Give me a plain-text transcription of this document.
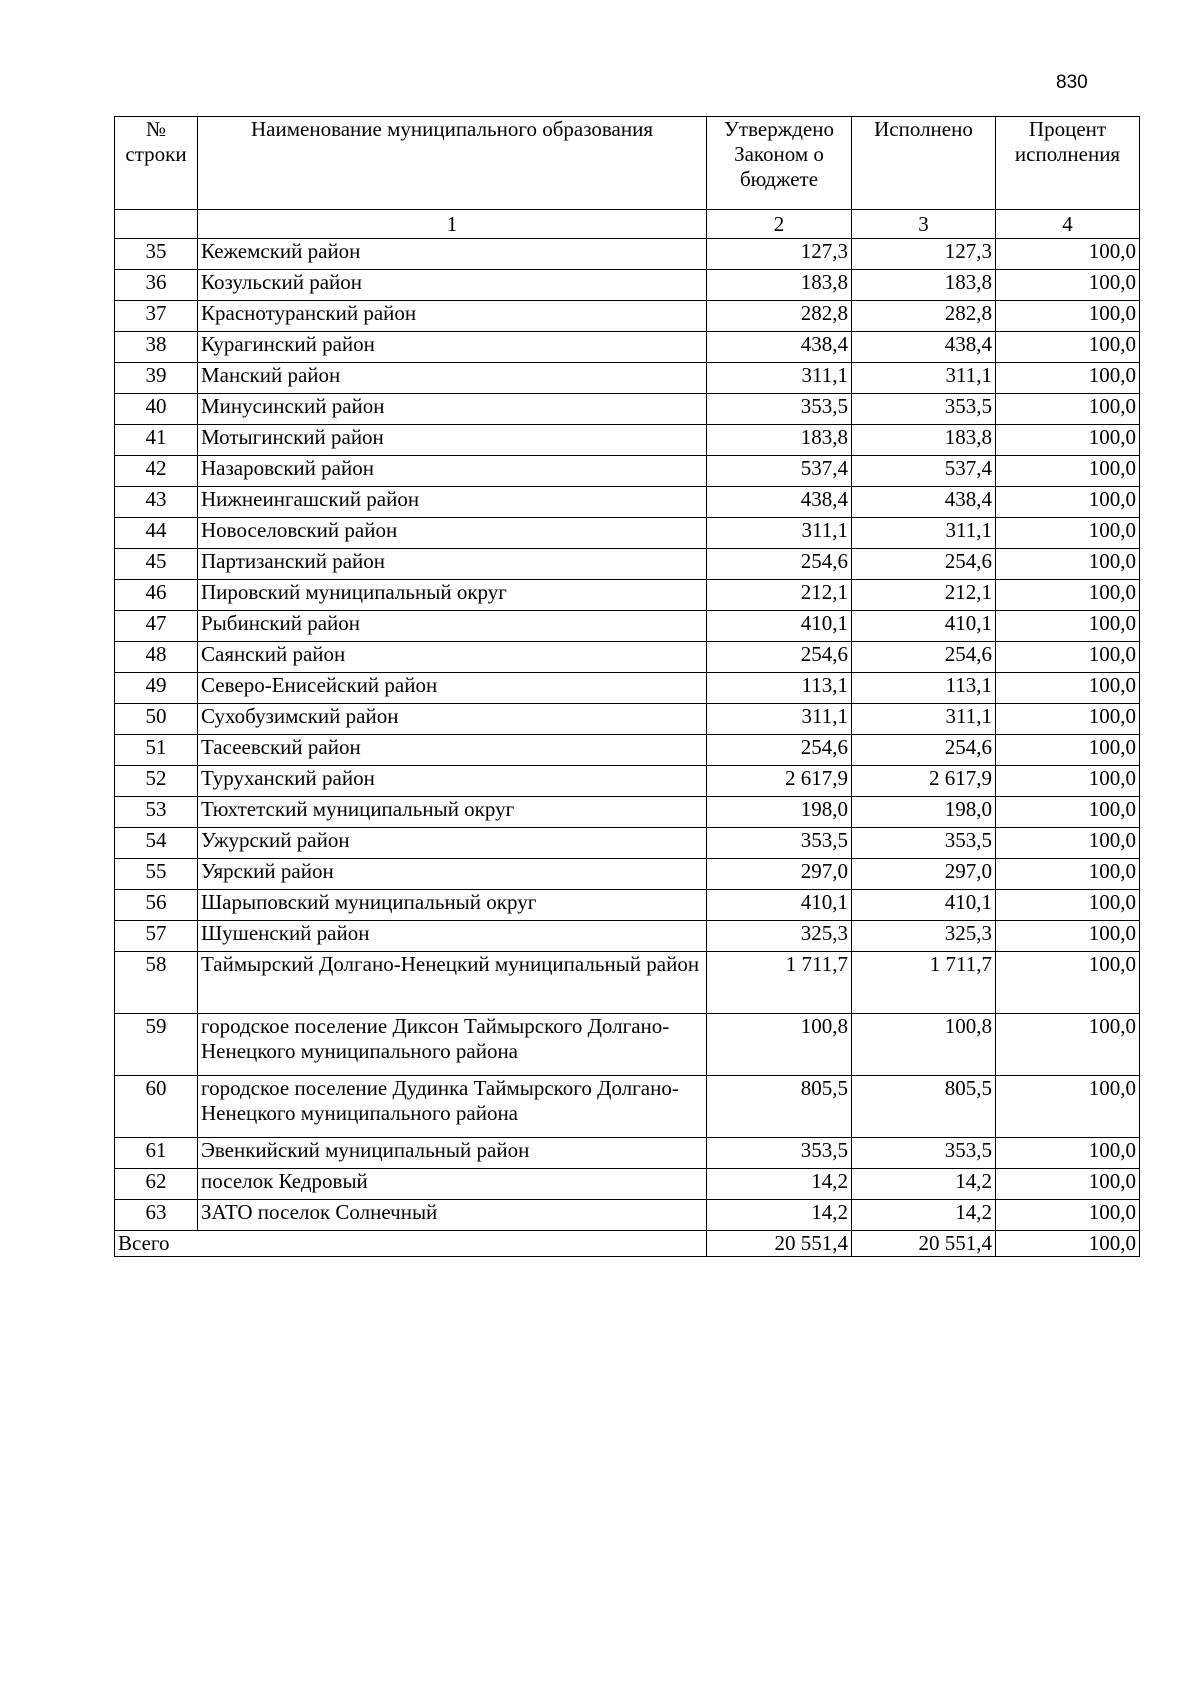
830
№ строки	Наименование муниципального образования	Утверждено Законом о бюджете	Исполнено	Процент исполнения
	1	2	3	4
35	Кежемский район	127,3	127,3	100,0
36	Козульский район	183,8	183,8	100,0
37	Краснотуранский район	282,8	282,8	100,0
38	Курагинский район	438,4	438,4	100,0
39	Манский район	311,1	311,1	100,0
40	Минусинский район	353,5	353,5	100,0
41	Мотыгинский район	183,8	183,8	100,0
42	Назаровский район	537,4	537,4	100,0
43	Нижнеингашский район	438,4	438,4	100,0
44	Новоселовский район	311,1	311,1	100,0
45	Партизанский район	254,6	254,6	100,0
46	Пировский муниципальный округ	212,1	212,1	100,0
47	Рыбинский район	410,1	410,1	100,0
48	Саянский район	254,6	254,6	100,0
49	Северо-Енисейский район	113,1	113,1	100,0
50	Сухобузимский район	311,1	311,1	100,0
51	Тасеевский район	254,6	254,6	100,0
52	Туруханский район	2 617,9	2 617,9	100,0
53	Тюхтетский муниципальный округ	198,0	198,0	100,0
54	Ужурский район	353,5	353,5	100,0
55	Уярский район	297,0	297,0	100,0
56	Шарыповский муниципальный округ	410,1	410,1	100,0
57	Шушенский район	325,3	325,3	100,0
58	Таймырский Долгано-Ненецкий муниципальный район	1 711,7	1 711,7	100,0
59	городское поселение Диксон Таймырского Долгано-Ненецкого муниципального района	100,8	100,8	100,0
60	городское поселение Дудинка Таймырского Долгано-Ненецкого муниципального района	805,5	805,5	100,0
61	Эвенкийский муниципальный район	353,5	353,5	100,0
62	поселок Кедровый	14,2	14,2	100,0
63	ЗАТО поселок Солнечный	14,2	14,2	100,0
Всего		20 551,4	20 551,4	100,0
